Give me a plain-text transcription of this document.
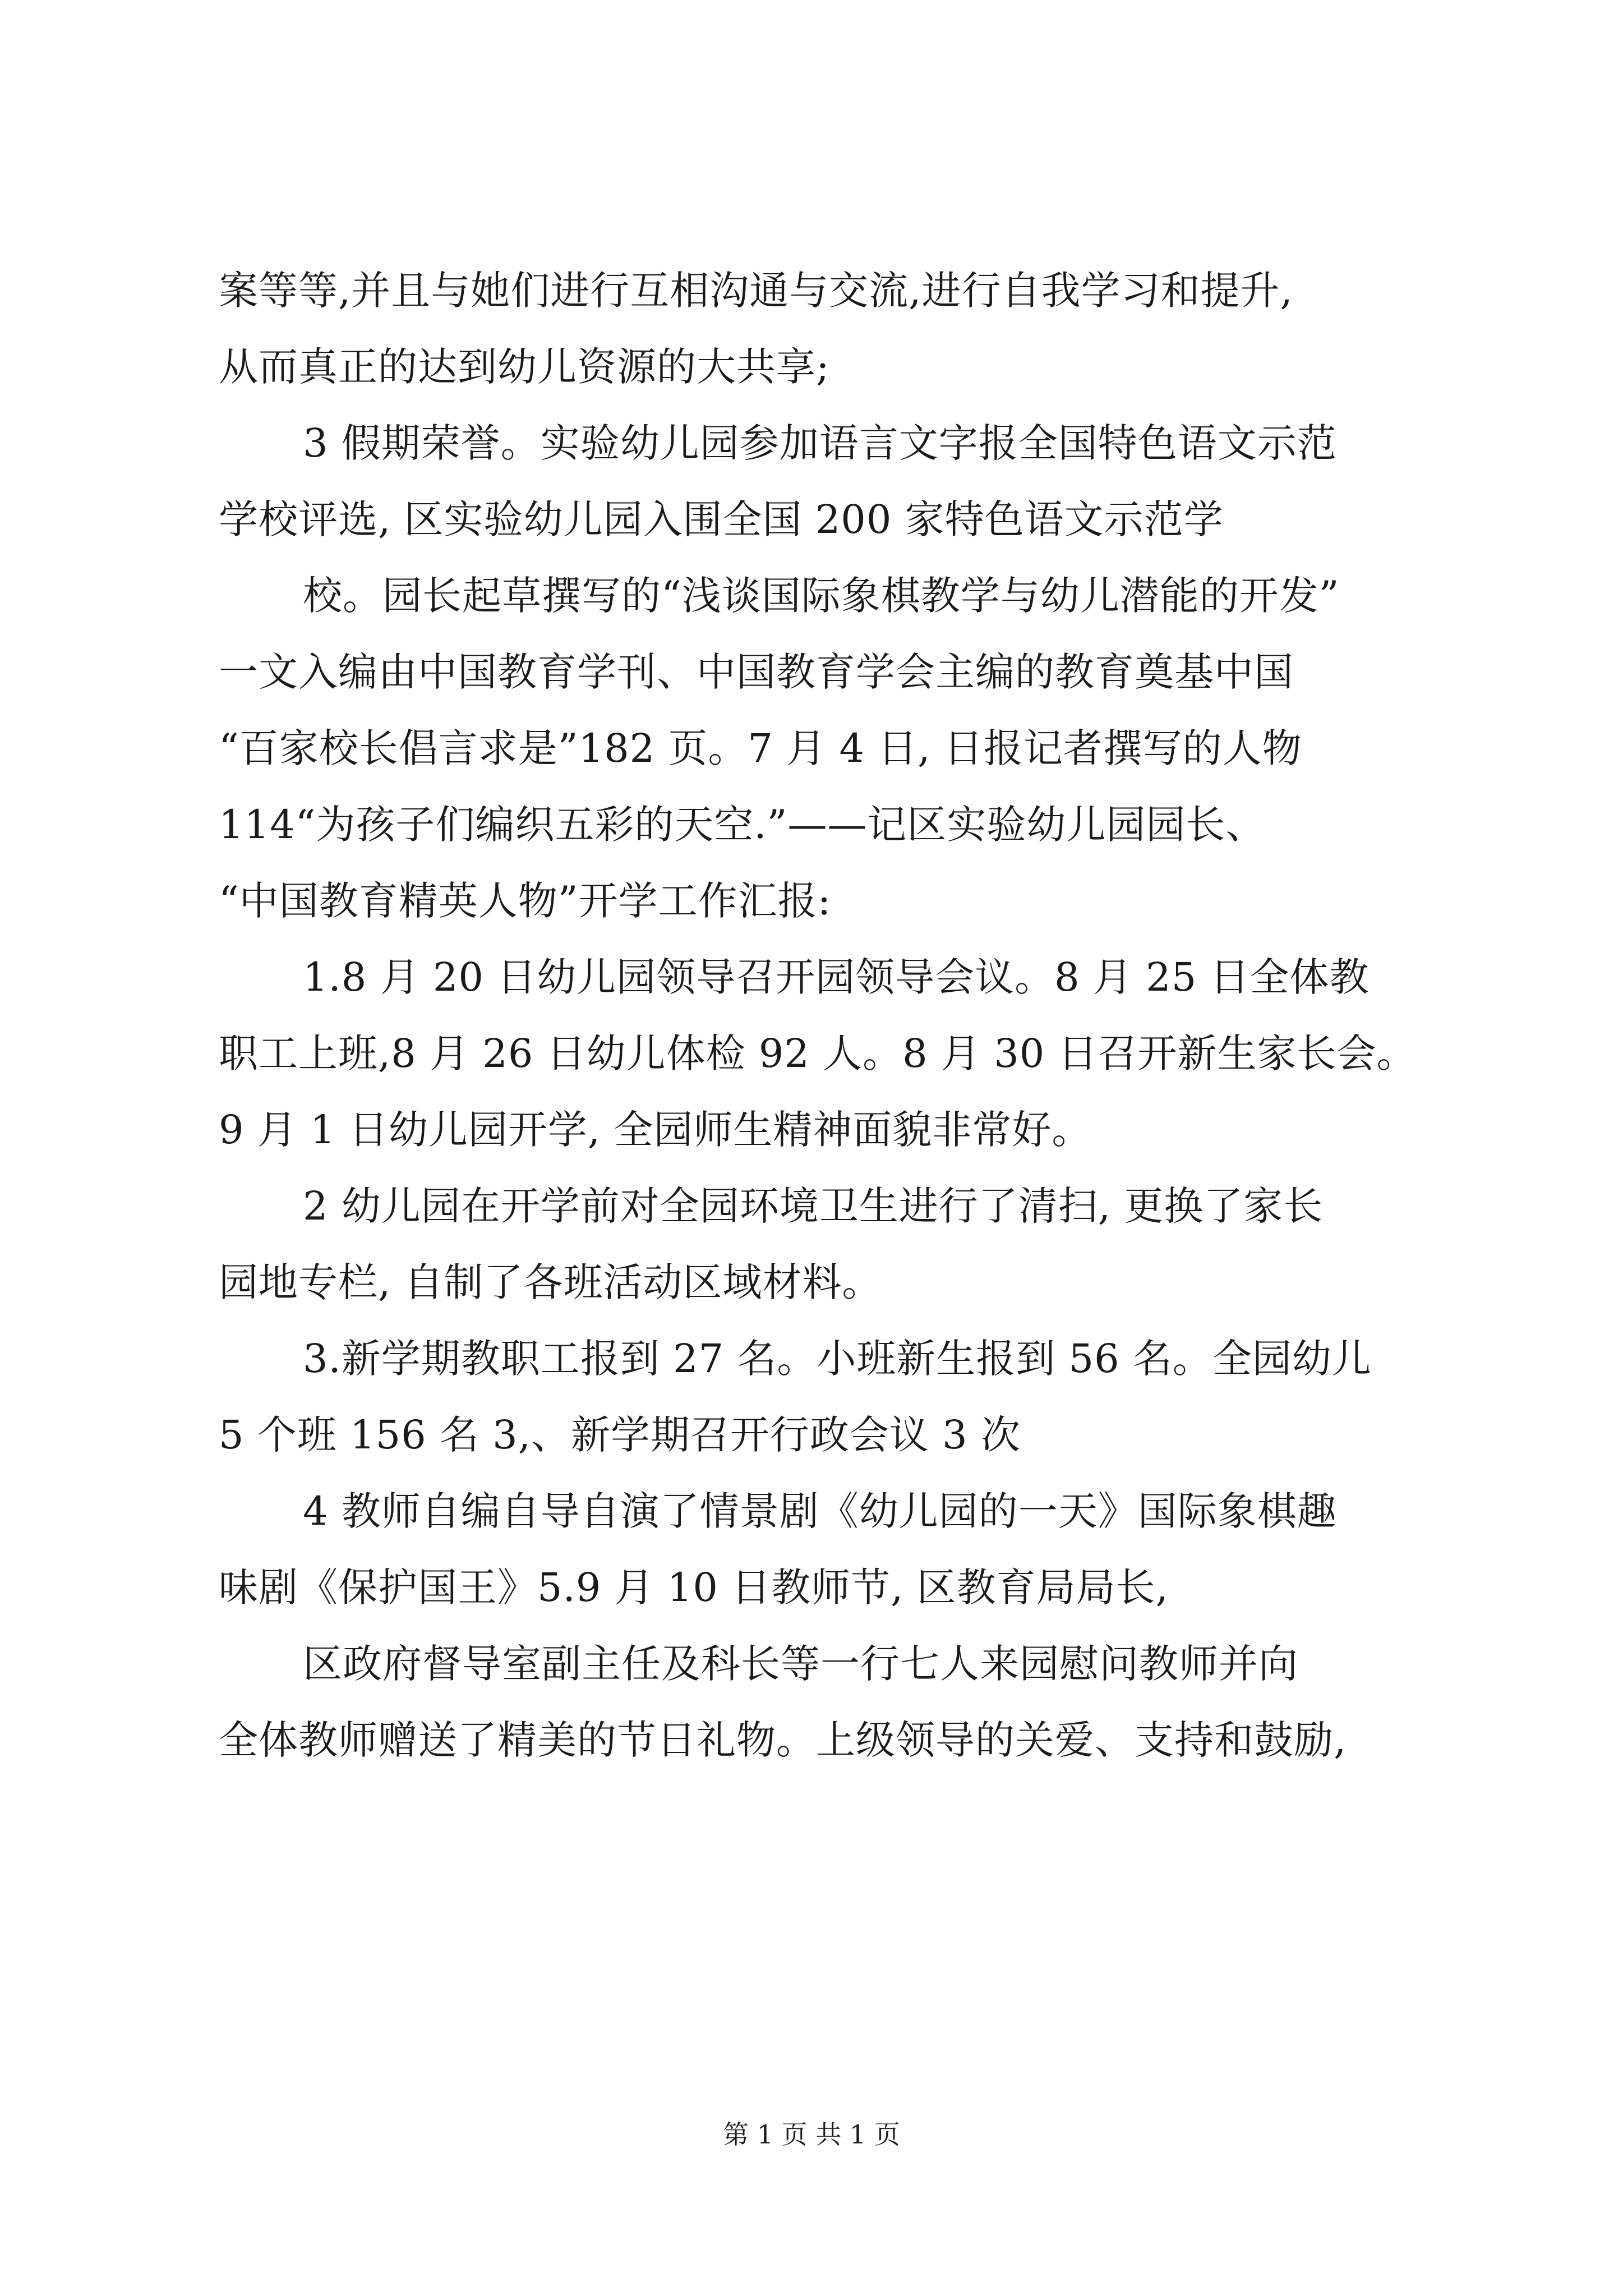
案等等,并且与她们进行互相沟通与交流,进行自我学习和提升,
从而真正的达到幼儿资源的大共享;
3 假期荣誉。实验幼儿园参加语言文字报全国特色语文示范
学校评选, 区实验幼儿园入围全国 200 家特色语文示范学
校。园长起草撰写的“浅谈国际象棋教学与幼儿潜能的开发”
一文入编由中国教育学刊、中国教育学会主编的教育奠基中国
“百家校长倡言求是”182 页。7 月 4 日, 日报记者撰写的人物
114“为孩子们编织五彩的天空.”——记区实验幼儿园园长、
“中国教育精英人物”开学工作汇报:
1.8 月 20 日幼儿园领导召开园领导会议。8 月 25 日全体教
职工上班,8 月 26 日幼儿体检 92 人。8 月 30 日召开新生家长会。
9 月 1 日幼儿园开学, 全园师生精神面貌非常好。
2 幼儿园在开学前对全园环境卫生进行了清扫, 更换了家长
园地专栏, 自制了各班活动区域材料。
3.新学期教职工报到 27 名。小班新生报到 56 名。全园幼儿
5 个班 156 名 3,、新学期召开行政会议 3 次
4 教师自编自导自演了情景剧《幼儿园的一天》国际象棋趣
味剧《保护国王》5.9 月 10 日教师节, 区教育局局长,
区政府督导室副主任及科长等一行七人来园慰问教师并向
全体教师赠送了精美的节日礼物。上级领导的关爱、支持和鼓励,
第 1 页 共 1 页
